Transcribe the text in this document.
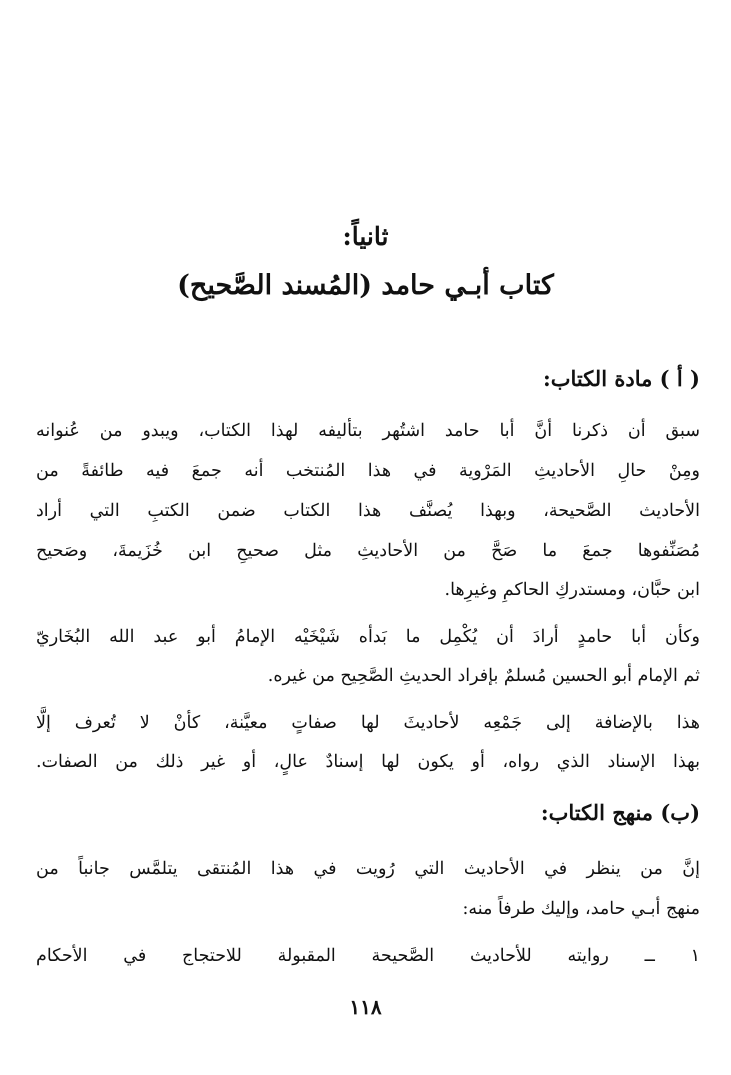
ثانياً:
كتاب أبـي حامد (المُسند الصَّحيح)
( أ ) مادة الكتاب:
سبق أن ذكرنا أنَّ أبا حامد اشتُهر بتأليفه لهذا الكتاب، ويبدو من عُنوانه
ومِنْ حالِ الأحاديثِ المَرْوية في هذا المُنتخب أنه جمعَ فيه طائفةً من
الأحاديث الصَّحيحة، وبهذا يُصنَّف هذا الكتاب ضمن الكتبِ التي أراد
مُصَنِّفوها جمعَ ما صَحَّ من الأحاديثِ مثل صحيحِ ابن خُزَيمةَ، وصَحيح
ابن حبَّان، ومستدركِ الحاكمِ وغيرِها.
وكأن أبا حامدٍ أرادَ أن يُكْمِل ما بَدأه شَيْخَيْه الإمامُ أبو عبد الله البُخَاريّ
ثم الإمام أبو الحسين مُسلمٌ بإفراد الحديثِ الصَّحِيح من غيره.
هذا بالإضافة إلى جَمْعِه لأحاديثَ لها صفاتٍ معيَّنة، كأنْ لا تُعرف إلَّا
بهذا الإسناد الذي رواه، أو يكون لها إسنادٌ عالٍ، أو غير ذلك من الصفات.
(ب) منهج الكتاب:
إنَّ من ينظر في الأحاديث التي رُويت في هذا المُنتقى يتلمَّس جانباً من
منهج أبـي حامد، وإليك طرفاً منه:
١ ــ روايته للأحاديث الصَّحيحة المقبولة للاحتجاج في الأحكام
١١٨
